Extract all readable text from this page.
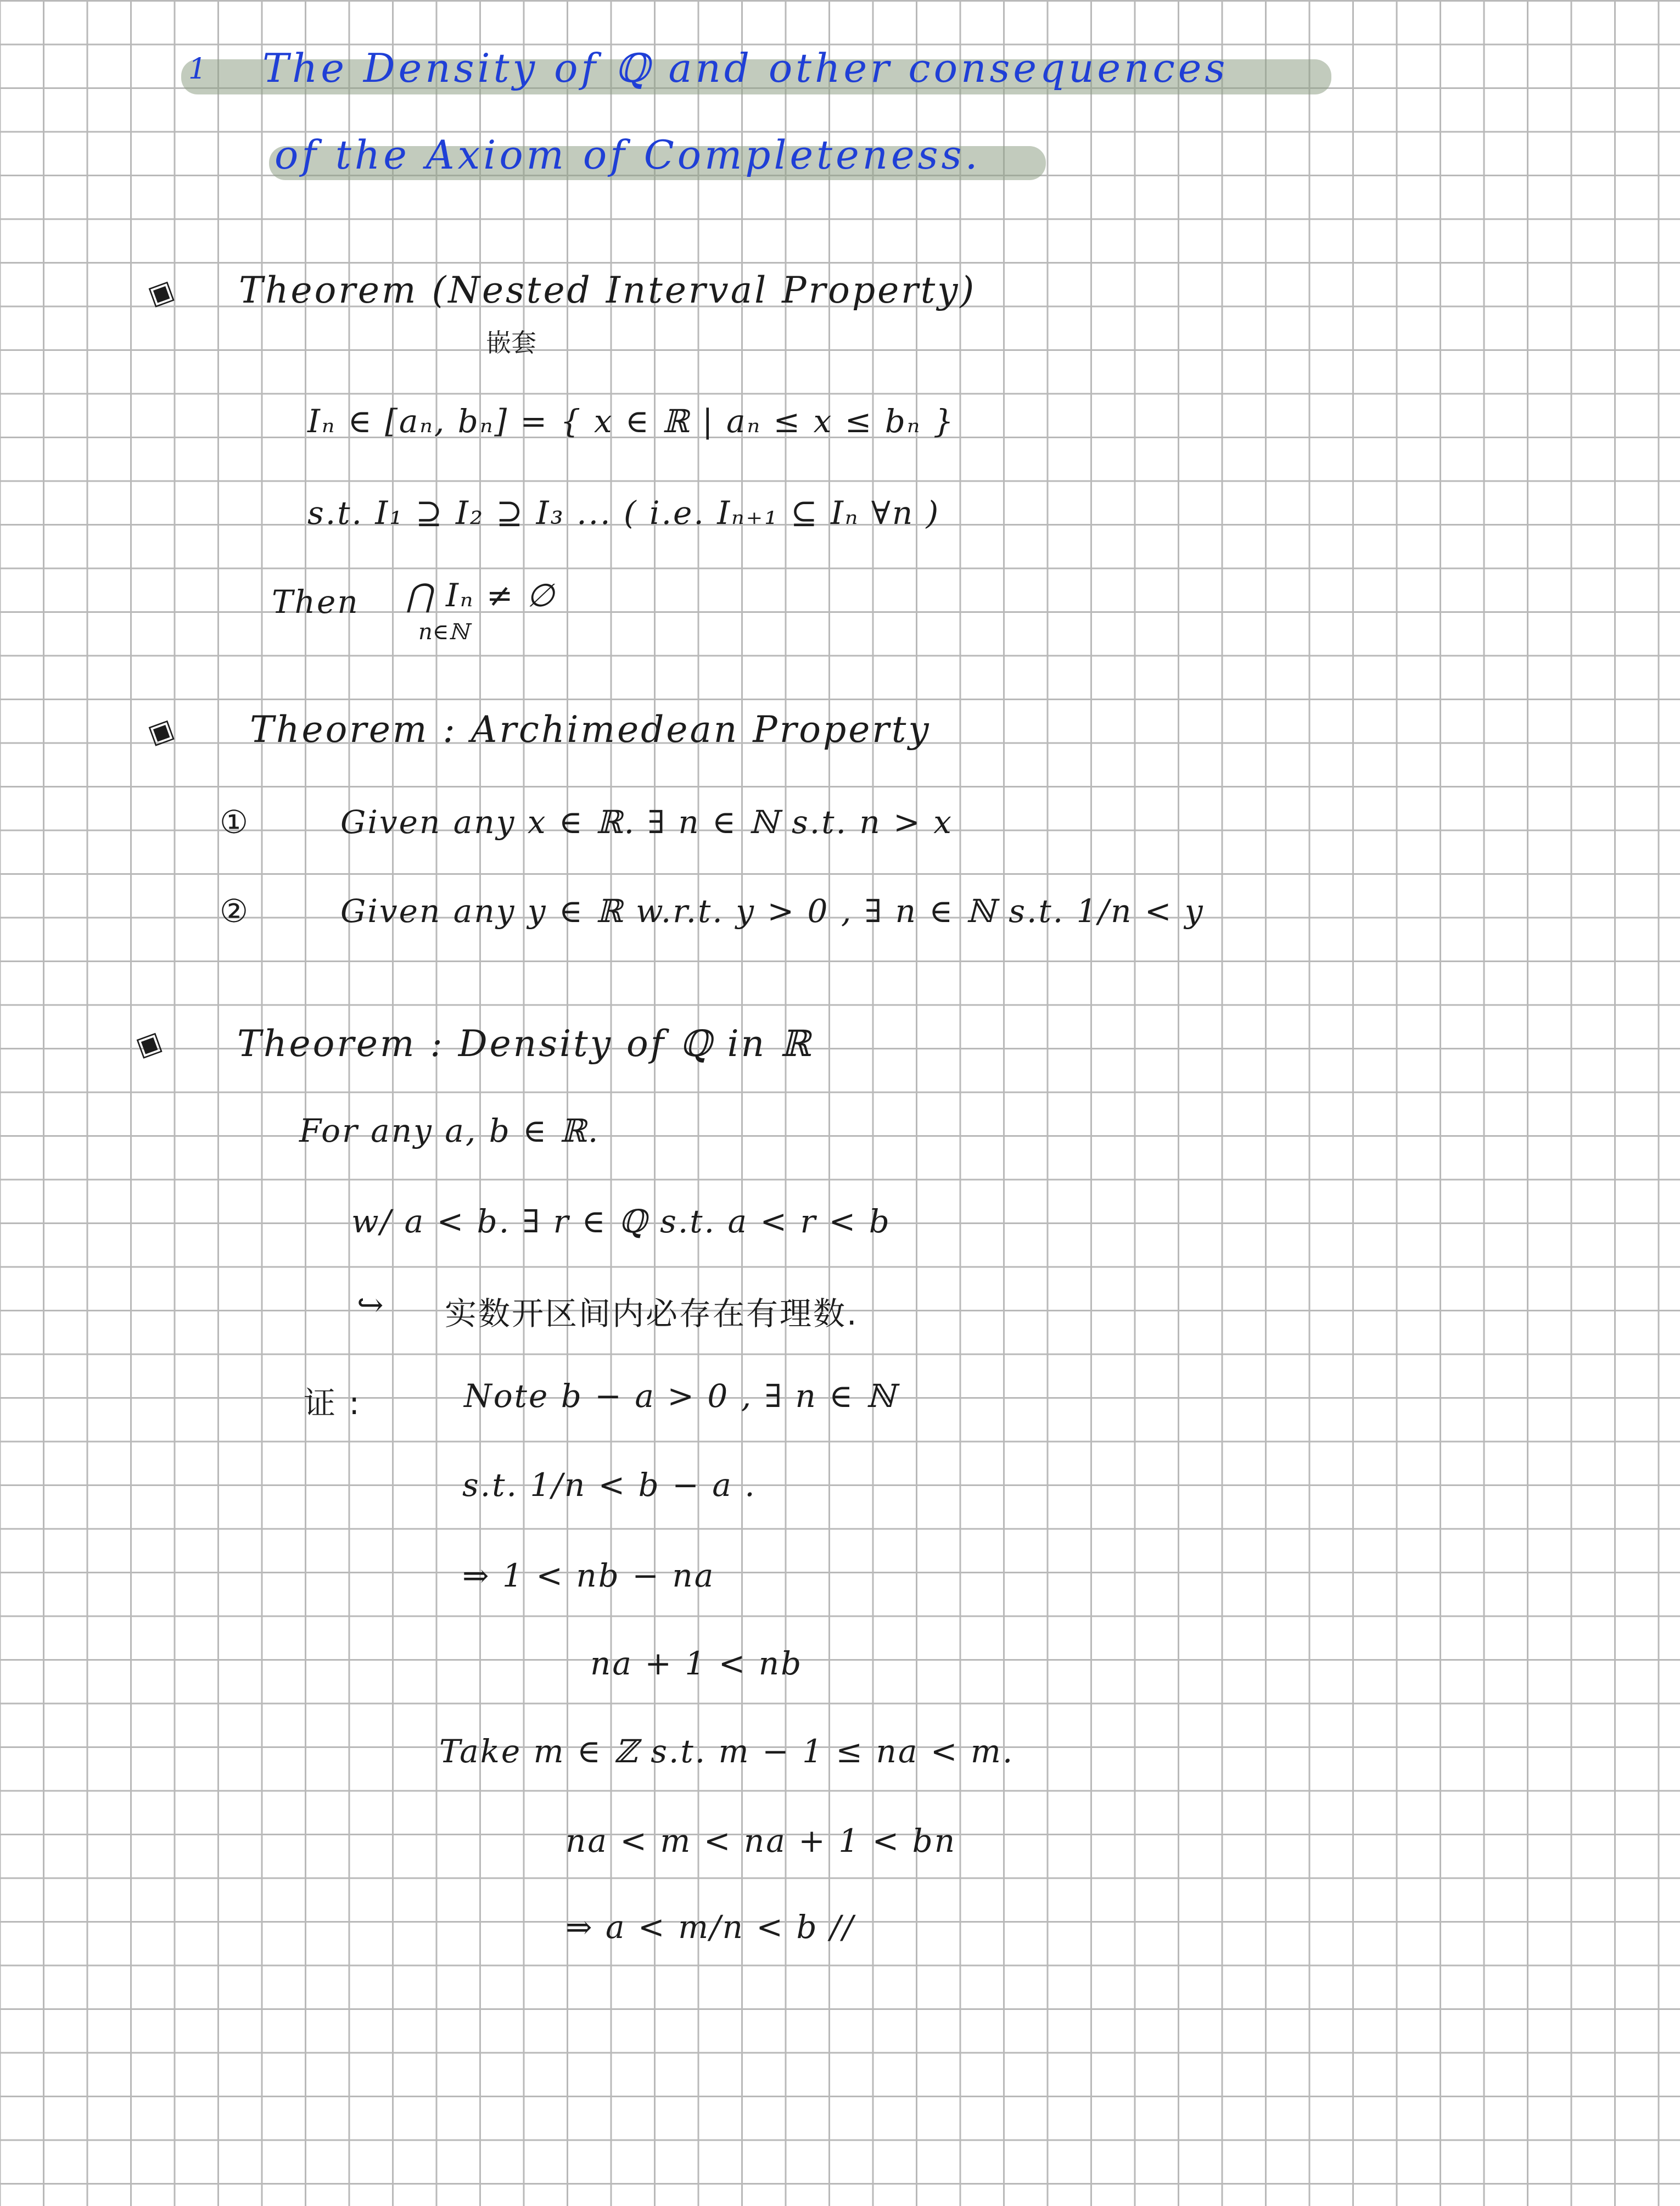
1 The Density of ℚ and other consequences
of the Axiom of Completeness.
▣ Theorem (Nested Interval Property)
嵌套
Iₙ ∈ [aₙ, bₙ] = { x ∈ ℝ | aₙ ≤ x ≤ bₙ }
s.t. I₁ ⊇ I₂ ⊇ I₃ ... ( i.e. Iₙ₊₁ ⊆ Iₙ ∀n )
Then ⋂ Iₙ ≠ ∅
n∈ℕ
▣ Theorem : Archimedean Property
①	Given any x ∈ ℝ. ∃ n ∈ ℕ s.t. n > x
②	Given any y ∈ ℝ w.r.t. y > 0 , ∃ n ∈ ℕ s.t. 1/n < y
▣ Theorem : Density of ℚ in ℝ
For any a, b ∈ ℝ.
w/ a < b. ∃ r ∈ ℚ s.t. a < r < b
↪ 实数开区间内必存在有理数.
证 :	Note b − a > 0 , ∃ n ∈ ℕ
s.t. 1/n < b − a .
⇒ 1 < nb − na
na + 1 < nb
Take m ∈ ℤ s.t. m − 1 ≤ na < m.
na < m < na + 1 < bn
⇒ a < m/n < b //
